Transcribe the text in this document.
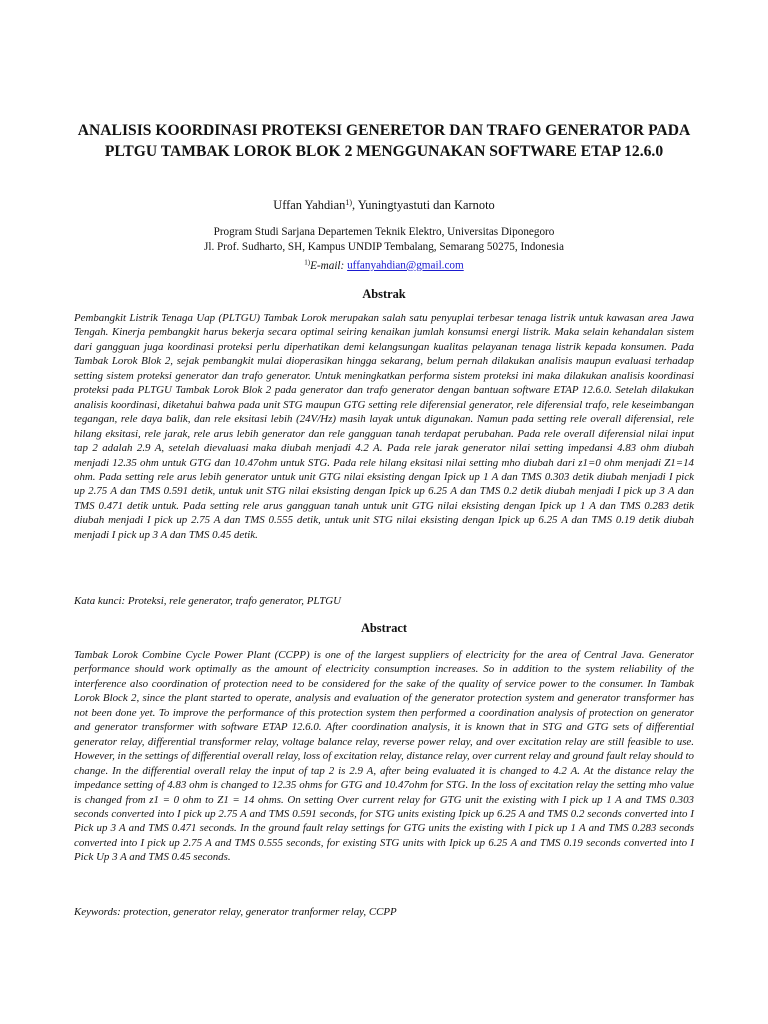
ANALISIS KOORDINASI PROTEKSI GENERETOR DAN TRAFO GENERATOR PADA PLTGU TAMBAK LOROK BLOK 2 MENGGUNAKAN SOFTWARE ETAP 12.6.0
Uffan Yahdian$^{1)}$, Yuningtyastuti dan Karnoto
Program Studi Sarjana Departemen Teknik Elektro, Universitas Diponegoro
Jl. Prof. Sudharto, SH, Kampus UNDIP Tembalang, Semarang 50275, Indonesia
$^{1)}$E-mail: uffanyahdian@gmail.com
Abstrak

Pembangkit Listrik Tenaga Uap (PLTGU) Tambak Lorok merupakan salah satu penyuplai terbesar tenaga listrik untuk kawasan area Jawa Tengah. Kinerja pembangkit harus bekerja secara optimal seiring kenaikan jumlah konsumsi energi listrik. Maka selain kehandalan sistem dari gangguan juga koordinasi proteksi perlu diperhatikan demi kelangsungan kualitas pelayanan tenaga listrik kepada konsumen. Pada Tambak Lorok Blok 2, sejak pembangkit mulai dioperasikan hingga sekarang, belum pernah dilakukan analisis maupun evaluasi terhadap setting sistem proteksi generator dan trafo generator. Untuk meningkatkan performa sistem proteksi ini maka dilakukan analisis koordinasi proteksi pada PLTGU Tambak Lorok Blok 2 pada generator dan trafo generator dengan bantuan software ETAP 12.6.0. Setelah dilakukan analisis koordinasi, diketahui bahwa pada unit STG maupun GTG setting rele diferensial generator, rele diferensial trafo, rele keseimbangan tegangan, rele daya balik, dan rele eksitasi lebih (24V/Hz) masih layak untuk digunakan. Namun pada setting rele overall diferensial, rele hilang eksitasi, rele jarak, rele arus lebih generator dan rele gangguan tanah terdapat perubahan. Pada rele overall diferensial nilai input tap 2 adalah 2.9 A, setelah dievaluasi maka diubah menjadi 4.2 A. Pada rele jarak generator nilai setting impedansi 4.83 ohm diubah menjadi 12.35 ohm untuk GTG dan 10.47ohm untuk STG. Pada rele hilang eksitasi nilai setting mho diubah dari z1=0 ohm menjadi Z1=14 ohm. Pada setting rele arus lebih generator untuk unit GTG nilai eksisting dengan Ipick up 1 A dan TMS 0.303 detik diubah menjadi I pick up 2.75 A dan TMS 0.591 detik, untuk unit STG nilai eksisting dengan Ipick up 6.25 A dan TMS 0.2 detik diubah menjadi I pick up 3 A dan TMS 0.471 detik untuk. Pada setting rele arus gangguan tanah untuk unit GTG nilai eksisting dengan Ipick up 1 A dan TMS 0.283 detik diubah menjadi I pick up 2.75 A dan TMS 0.555 detik, untuk unit STG nilai eksisting dengan Ipick up 6.25 A dan TMS 0.19 detik diubah menjadi I pick up 3 A dan TMS 0.45 detik.

Kata kunci: Proteksi, rele generator, trafo generator, PLTGU

Abstract

Tambak Lorok Combine Cycle Power Plant (CCPP) is one of the largest suppliers of electricity for the area of Central Java. Generator performance should work optimally as the amount of electricity consumption increases. So in addition to the system reliability of the interference also coordination of protection need to be considered for the sake of the quality of service power to the consumer. In Tambak Lorok Block 2, since the plant started to operate, analysis and evaluation of the generator protection system and generator transformer has not been done yet. To improve the performance of this protection system then performed a coordination analysis of protection on generator and generator transformer with software ETAP 12.6.0. After coordination analysis, it is known that in STG and GTG sets of differential generator relay, differential transformer relay, voltage balance relay, reverse power relay, and over excitation relay are still feasible to use. However, in the settings of differential overall relay, loss of excitation relay, distance relay, over current relay and ground fault relay should to change. In the differential overall relay the input of tap 2 is 2.9 A, after being evaluated it is changed to 4.2 A. At the distance relay the impedance setting of 4.83 ohm is changed to 12.35 ohms for GTG and 10.47ohm for STG. In the loss of excitation relay the setting mho value is changed from z1 = 0 ohm to Z1 = 14 ohms. On setting Over current relay for GTG unit the existing with I pick up 1 A and TMS 0.303 seconds converted into I pick up 2.75 A and TMS 0.591 seconds, for STG units existing Ipick up 6.25 A and TMS 0.2 seconds converted into I Pick up 3 A and TMS 0.471 seconds. In the ground fault relay settings for GTG units the existing with I pick up 1 A and TMS 0.283 seconds converted into I pick up 2.75 A and TMS 0.555 seconds, for existing STG units with Ipick up 6.25 A and TMS 0.19 seconds converted into I Pick Up 3 A and TMS 0.45 seconds.

Keywords: protection, generator relay, generator tranformer relay, CCPP
